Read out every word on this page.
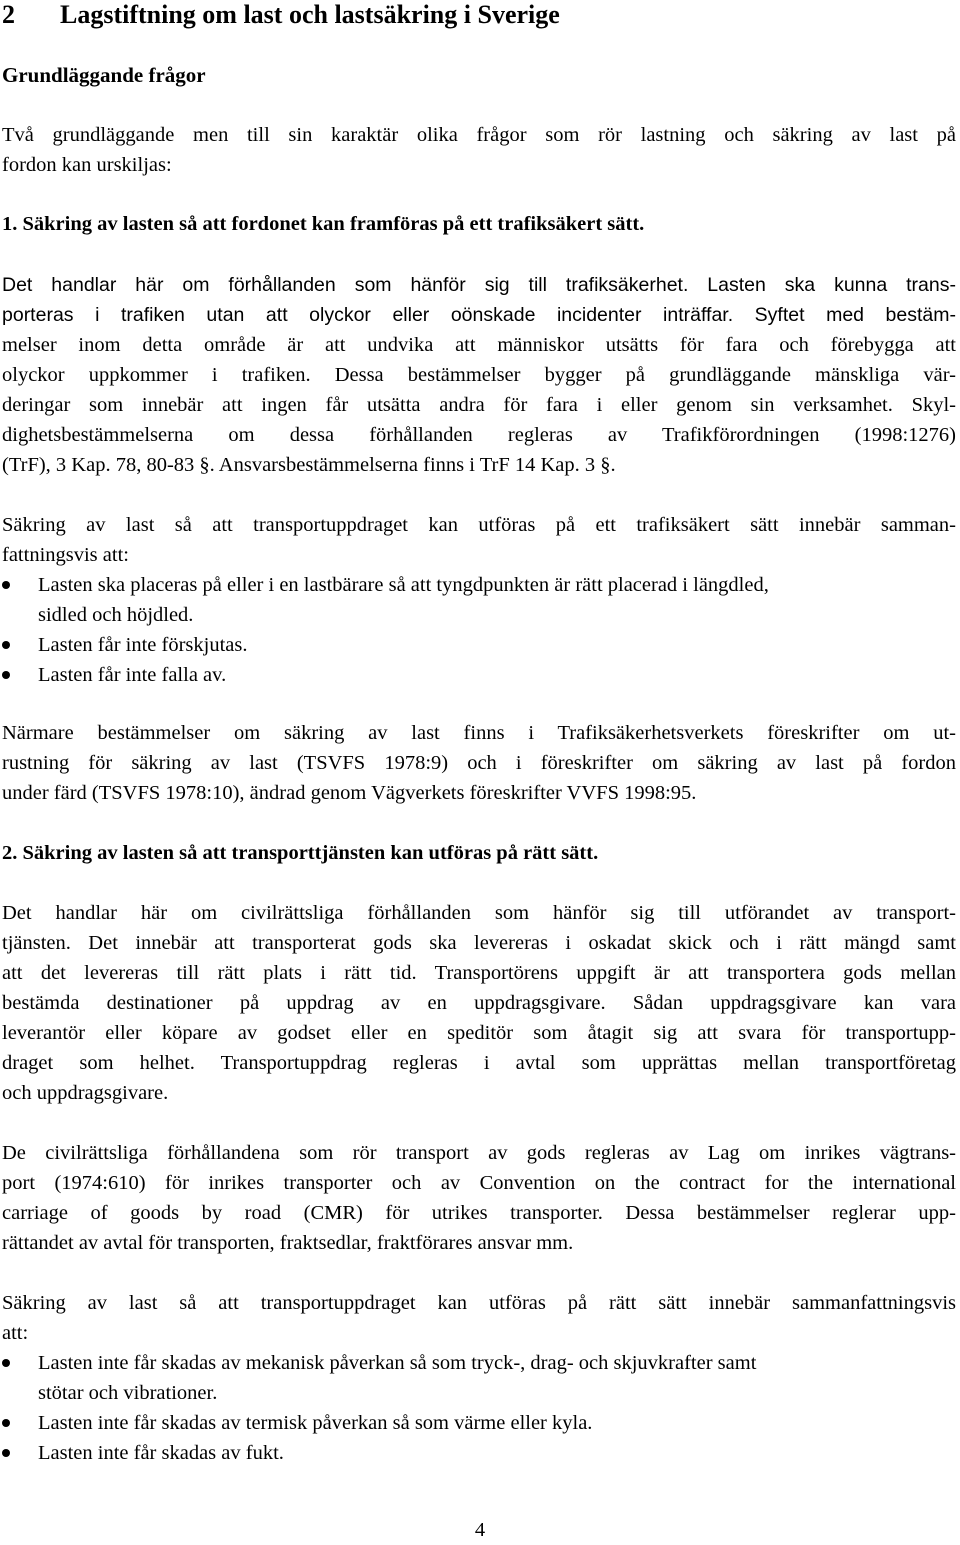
2 Lagstiftning om last och lastsäkring i Sverige
Grundläggande frågor
Två grundläggande men till sin karaktär olika frågor som rör lastning och säkring av last på
fordon kan urskiljas:
1. Säkring av lasten så att fordonet kan framföras på ett trafiksäkert sätt.
Det handlar här om förhållanden som hänför sig till trafiksäkerhet. Lasten ska kunna trans-
porteras i trafiken utan att olyckor eller oönskade incidenter inträffar. Syftet med bestäm-
melser inom detta område är att undvika att människor utsätts för fara och förebygga att
olyckor uppkommer i trafiken. Dessa bestämmelser bygger på grundläggande mänskliga vär-
deringar som innebär att ingen får utsätta andra för fara i eller genom sin verksamhet. Skyl-
dighetsbestämmelserna om dessa förhållanden regleras av Trafikförordningen (1998:1276)
(TrF), 3 Kap. 78, 80-83 §. Ansvarsbestämmelserna finns i TrF 14 Kap. 3 §.
Säkring av last så att transportuppdraget kan utföras på ett trafiksäkert sätt innebär samman-
fattningsvis att:
Lasten ska placeras på eller i en lastbärare så att tyngdpunkten är rätt placerad i längdled,
sidled och höjdled.
Lasten får inte förskjutas.
Lasten får inte falla av.
Närmare bestämmelser om säkring av last finns i Trafiksäkerhetsverkets föreskrifter om ut-
rustning för säkring av last (TSVFS 1978:9) och i föreskrifter om säkring av last på fordon
under färd (TSVFS 1978:10), ändrad genom Vägverkets föreskrifter VVFS 1998:95.
2. Säkring av lasten så att transporttjänsten kan utföras på rätt sätt.
Det handlar här om civilrättsliga förhållanden som hänför sig till utförandet av transport-
tjänsten. Det innebär att transporterat gods ska levereras i oskadat skick och i rätt mängd samt
att det levereras till rätt plats i rätt tid. Transportörens uppgift är att transportera gods mellan
bestämda destinationer på uppdrag av en uppdragsgivare. Sådan uppdragsgivare kan vara
leverantör eller köpare av godset eller en speditör som åtagit sig att svara för transportupp-
draget som helhet. Transportuppdrag regleras i avtal som upprättas mellan transportföretag
och uppdragsgivare.
De civilrättsliga förhållandena som rör transport av gods regleras av Lag om inrikes vägtrans-
port (1974:610) för inrikes transporter och av Convention on the contract for the international
carriage of goods by road (CMR) för utrikes transporter. Dessa bestämmelser reglerar upp-
rättandet av avtal för transporten, fraktsedlar, fraktförares ansvar mm.
Säkring av last så att transportuppdraget kan utföras på rätt sätt innebär sammanfattningsvis
att:
Lasten inte får skadas av mekanisk påverkan så som tryck-, drag- och skjuvkrafter samt
stötar och vibrationer.
Lasten inte får skadas av termisk påverkan så som värme eller kyla.
Lasten inte får skadas av fukt.
4
